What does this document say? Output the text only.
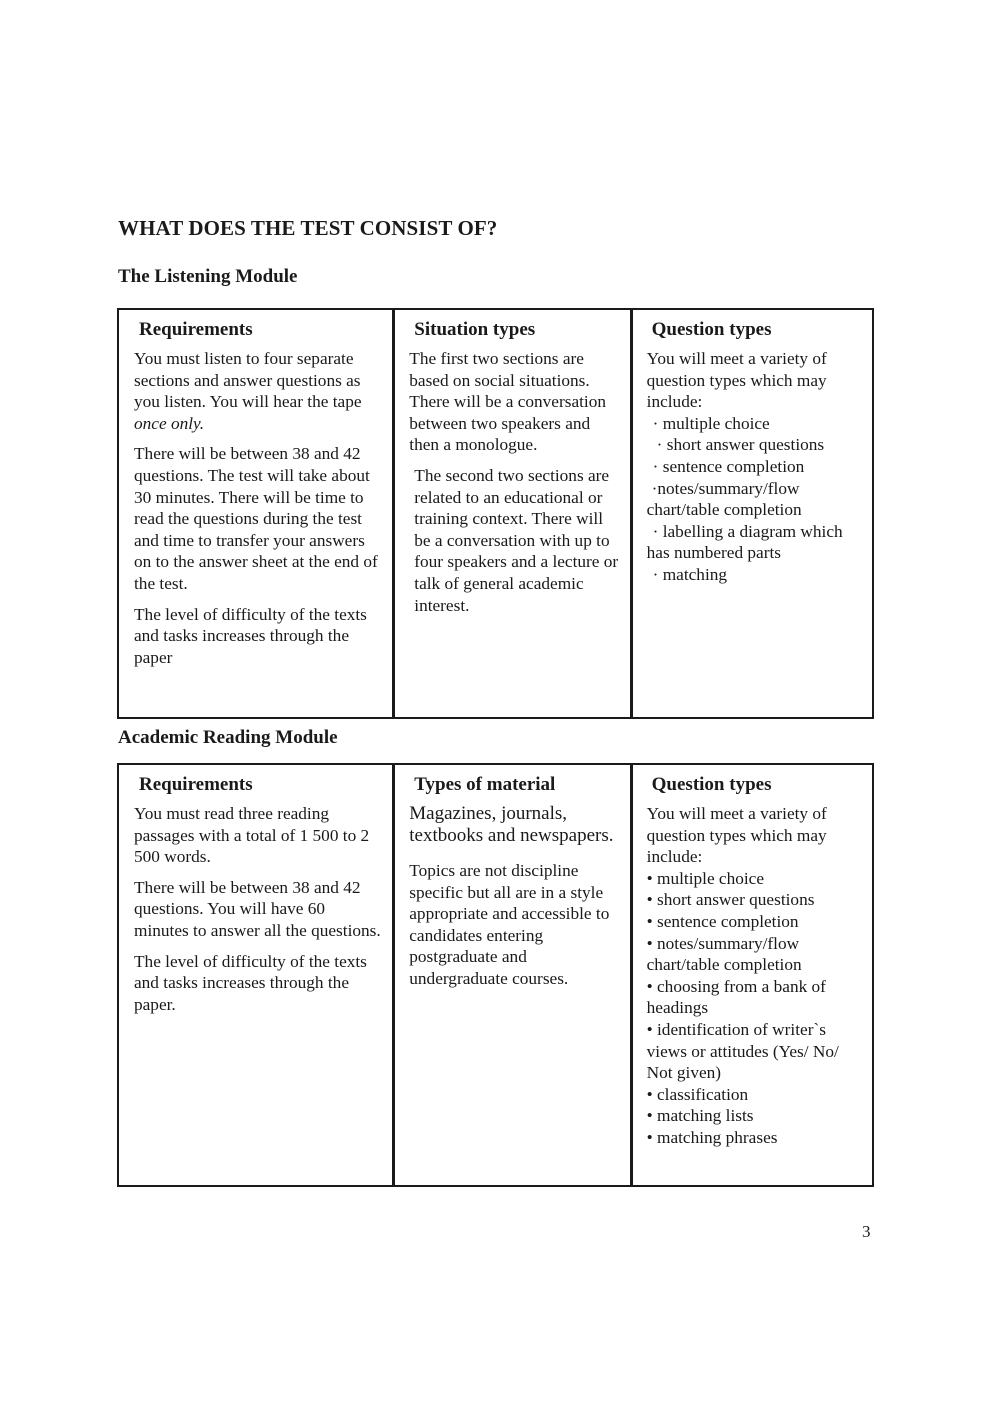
WHAT DOES THE TEST CONSIST OF?
The Listening Module
Requirements

You must listen to four separate sections and answer questions as you listen. You will hear the tape once only.

There will be between 38 and 42 questions. The test will take about 30 minutes. There will be time to read the questions during the test and time to transfer your answers on to the answer sheet at the end of the test.

The level of difficulty of the texts and tasks increases through the paper

Situation types

The first two sections are based on social situations. There will be a conversation between two speakers and then a monologue.

The second two sections are related to an educational or training context. There will be a conversation with up to four speakers and a lecture or talk of general academic interest.

Question types
You will meet a variety of question types which may include:
· multiple choice
· short answer questions
· sentence completion
·notes/summary/flow chart/table completion
· labelling a diagram which has numbered parts
· matching
Academic Reading Module
Requirements

You must read three reading passages with a total of 1 500 to 2 500 words.

There will be between 38 and 42 questions. You will have 60 minutes to answer all the questions.

The level of difficulty of the texts and tasks increases through the paper.

Types of material

Magazines, journals, textbooks and newspapers.

Topics are not discipline specific but all are in a style appropriate and accessible to candidates entering postgraduate and undergraduate courses.

Question types
You will meet a variety of question types which may include:
• multiple choice
• short answer questions
• sentence completion
• notes/summary/flow chart/table completion
• choosing from a bank of headings
• identification of writer`s views or attitudes (Yes/ No/ Not given)
• classification
• matching lists
• matching phrases
3
